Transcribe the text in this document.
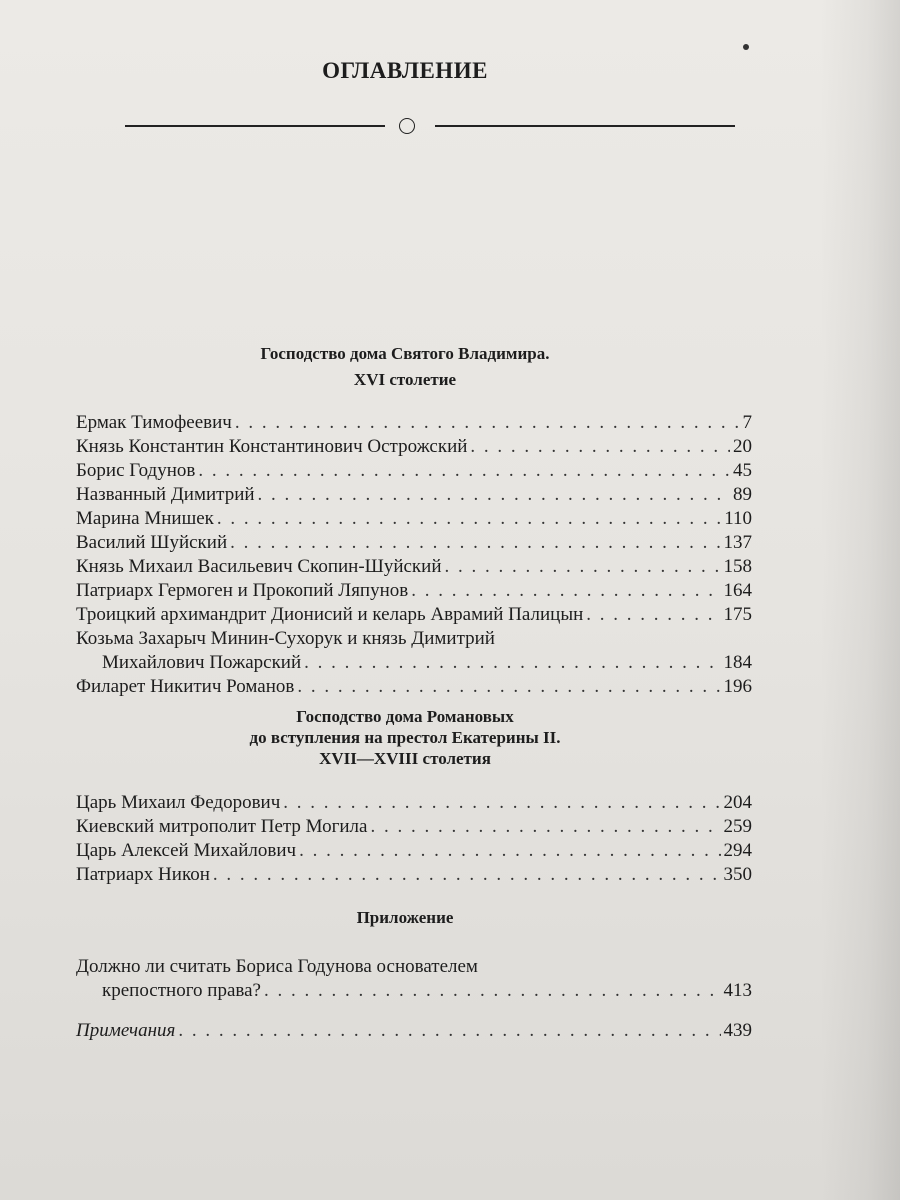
ОГЛАВЛЕНИЕ
Господство дома Святого Владимира.
XVI столетие
Ермак Тимофеевич . . .	7
Князь Константин Константинович Острожский . . .	20
Борис Годунов . . .	45
Названный Димитрий . . .	89
Марина Мнишек . . .	110
Василий Шуйский . . .	137
Князь Михаил Васильевич Скопин-Шуйский . . .	158
Патриарх Гермоген и Прокопий Ляпунов . . .	164
Троицкий архимандрит Дионисий и келарь Аврамий Палицын . . .	175
Козьма Захарыч Минин-Сухорук и князь Димитрий
Михайлович Пожарский . . .	184
Филарет Никитич Романов . . .	196
Господство дома Романовых
до вступления на престол Екатерины II.
XVII—XVIII столетия
Царь Михаил Федорович . . .	204
Киевский митрополит Петр Могила . . .	259
Царь Алексей Михайлович . . .	294
Патриарх Никон . . .	350
Приложение
Должно ли считать Бориса Годунова основателем
крепостного права? . . .	413
Примечания . . .	439
